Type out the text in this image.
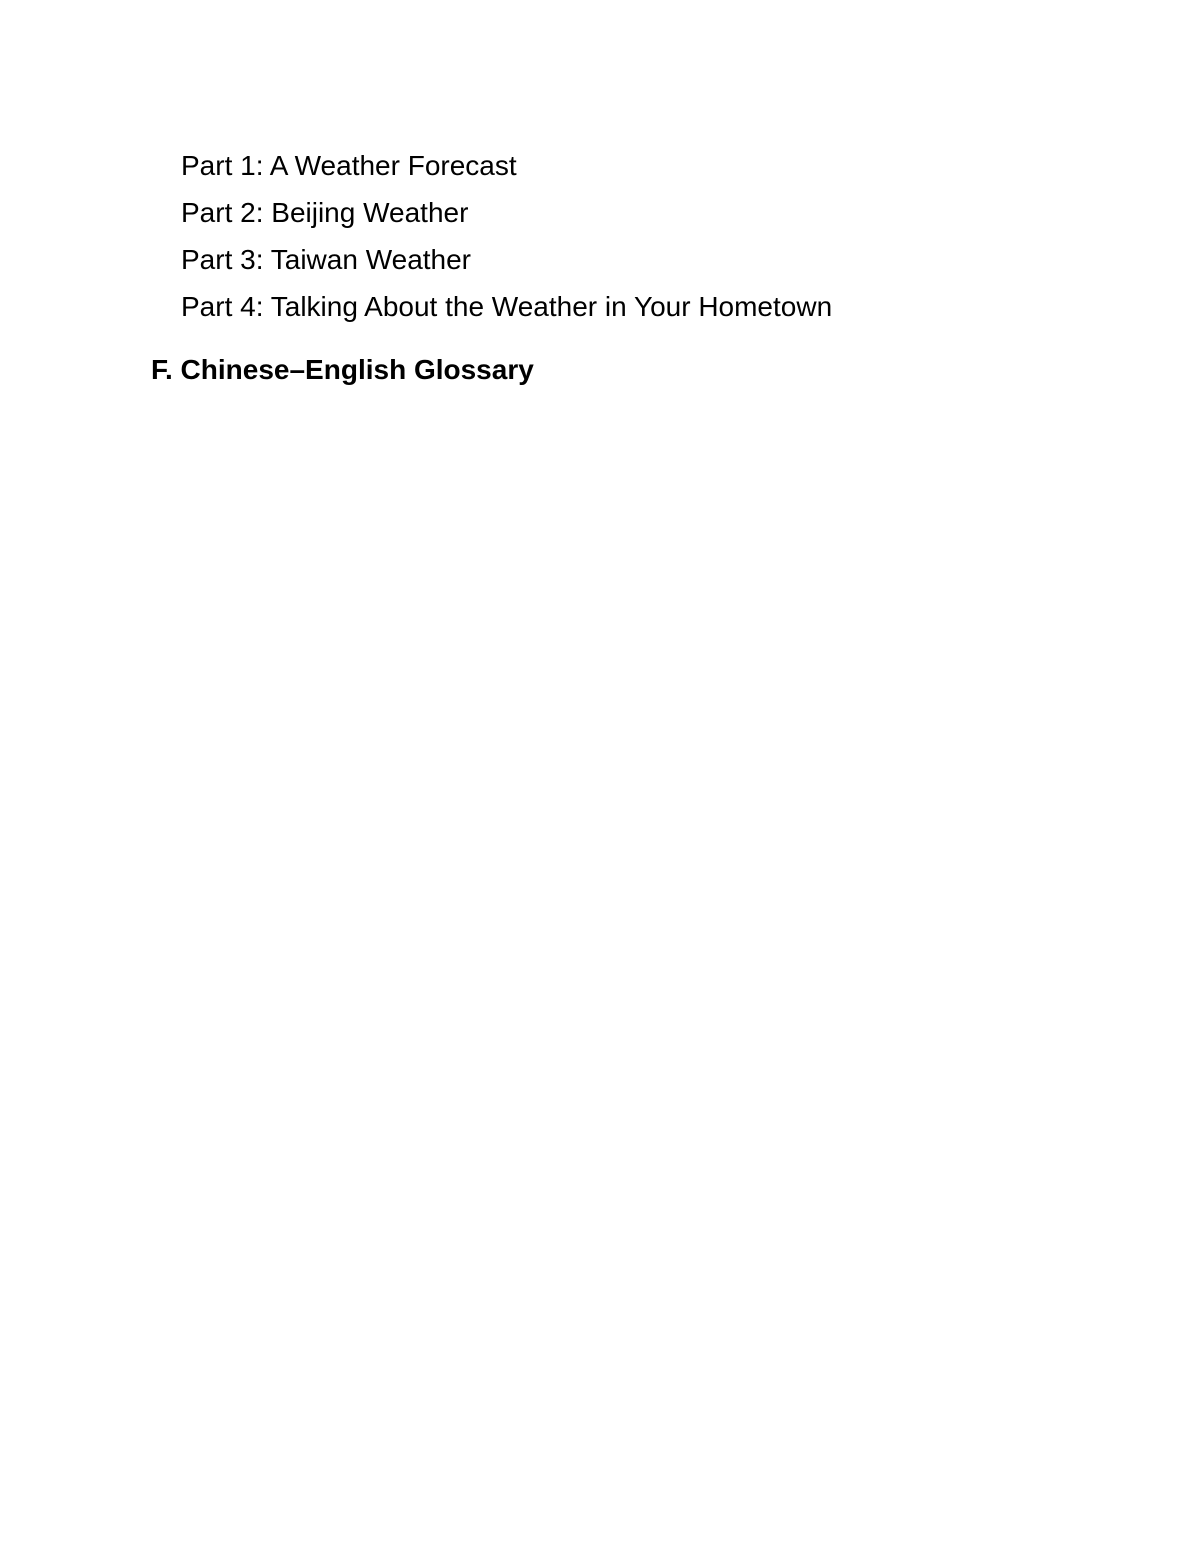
Part 1: A Weather Forecast
Part 2: Beijing Weather
Part 3: Taiwan Weather
Part 4: Talking About the Weather in Your Hometown
F. Chinese–English Glossary
